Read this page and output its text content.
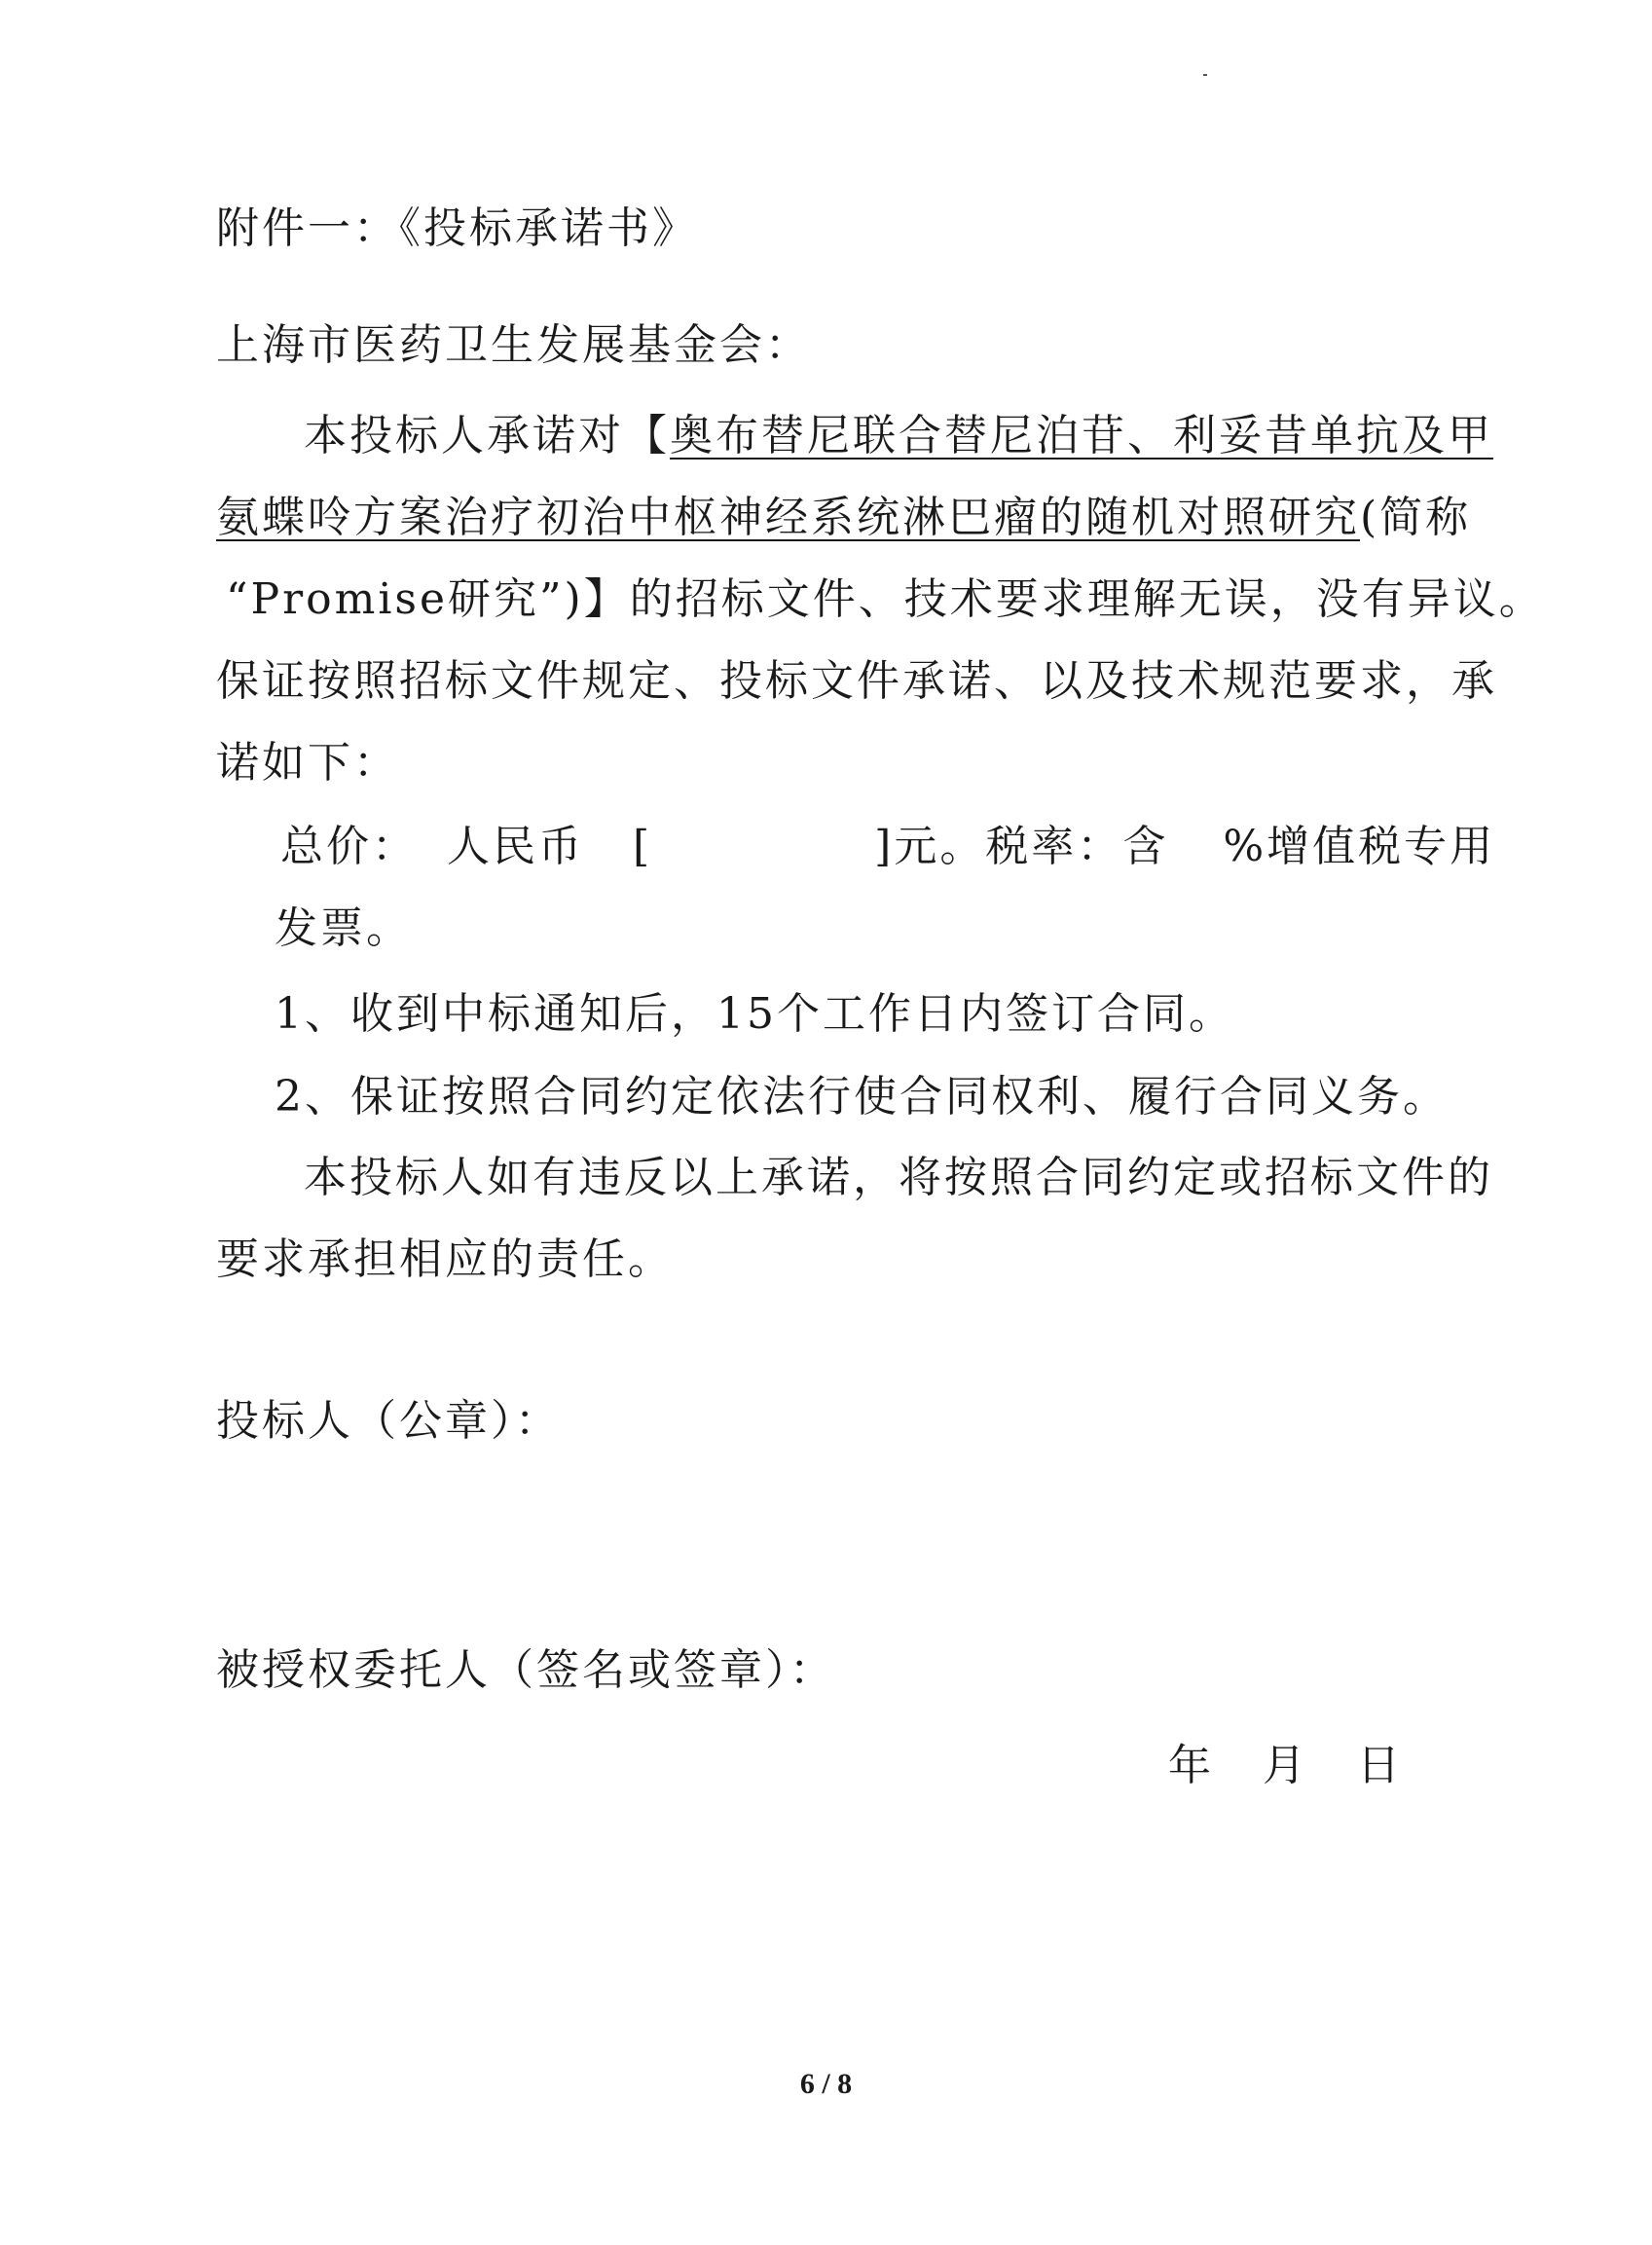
附件一：《投标承诺书》
上海市医药卫生发展基金会：
本投标人承诺对【奥布替尼联合替尼泊苷、利妥昔单抗及甲
氨蝶呤方案治疗初治中枢神经系统淋巴瘤的随机对照研究(简称
“Promise研究”)】的招标文件、技术要求理解无误，没有异议。
保证按照招标文件规定、投标文件承诺、以及技术规范要求，承
诺如下：
总价： 人民币 [	]元。税率：含 %增值税专用
发票。
1、收到中标通知后，15个工作日内签订合同。
2、保证按照合同约定依法行使合同权利、履行合同义务。
本投标人如有违反以上承诺，将按照合同约定或招标文件的
要求承担相应的责任。
投标人（公章）：
被授权委托人（签名或签章）：
年 月 日
6 / 8
